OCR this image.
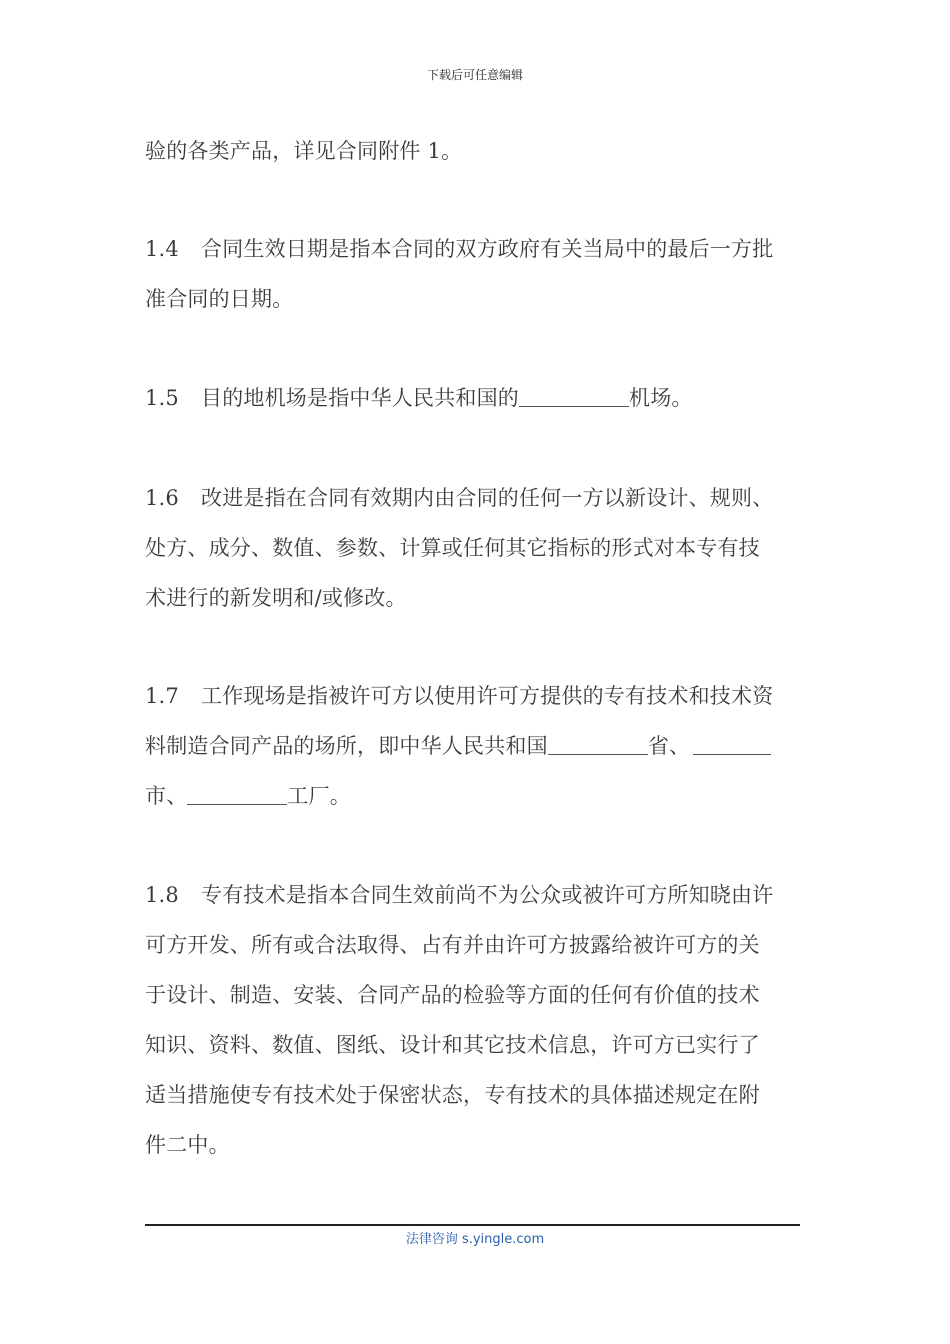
下载后可任意编辑
验的各类产品，详见合同附件 1。
1.4 合同生效日期是指本合同的双方政府有关当局中的最后一方批
准合同的日期。
1.5 目的地机场是指中华人民共和国的	机场。
1.6 改进是指在合同有效期内由合同的任何一方以新设计、规则、
处方、成分、数值、参数、计算或任何其它指标的形式对本专有技
术进行的新发明和/或修改。
1.7 工作现场是指被许可方以使用许可方提供的专有技术和技术资
料制造合同产品的场所，即中华人民共和国	省、
市、	工厂。
1.8 专有技术是指本合同生效前尚不为公众或被许可方所知晓由许
可方开发、所有或合法取得、占有并由许可方披露给被许可方的关
于设计、制造、安装、合同产品的检验等方面的任何有价值的技术
知识、资料、数值、图纸、设计和其它技术信息，许可方已实行了
适当措施使专有技术处于保密状态，专有技术的具体描述规定在附
件二中。
法律咨询 s.yingle.com
